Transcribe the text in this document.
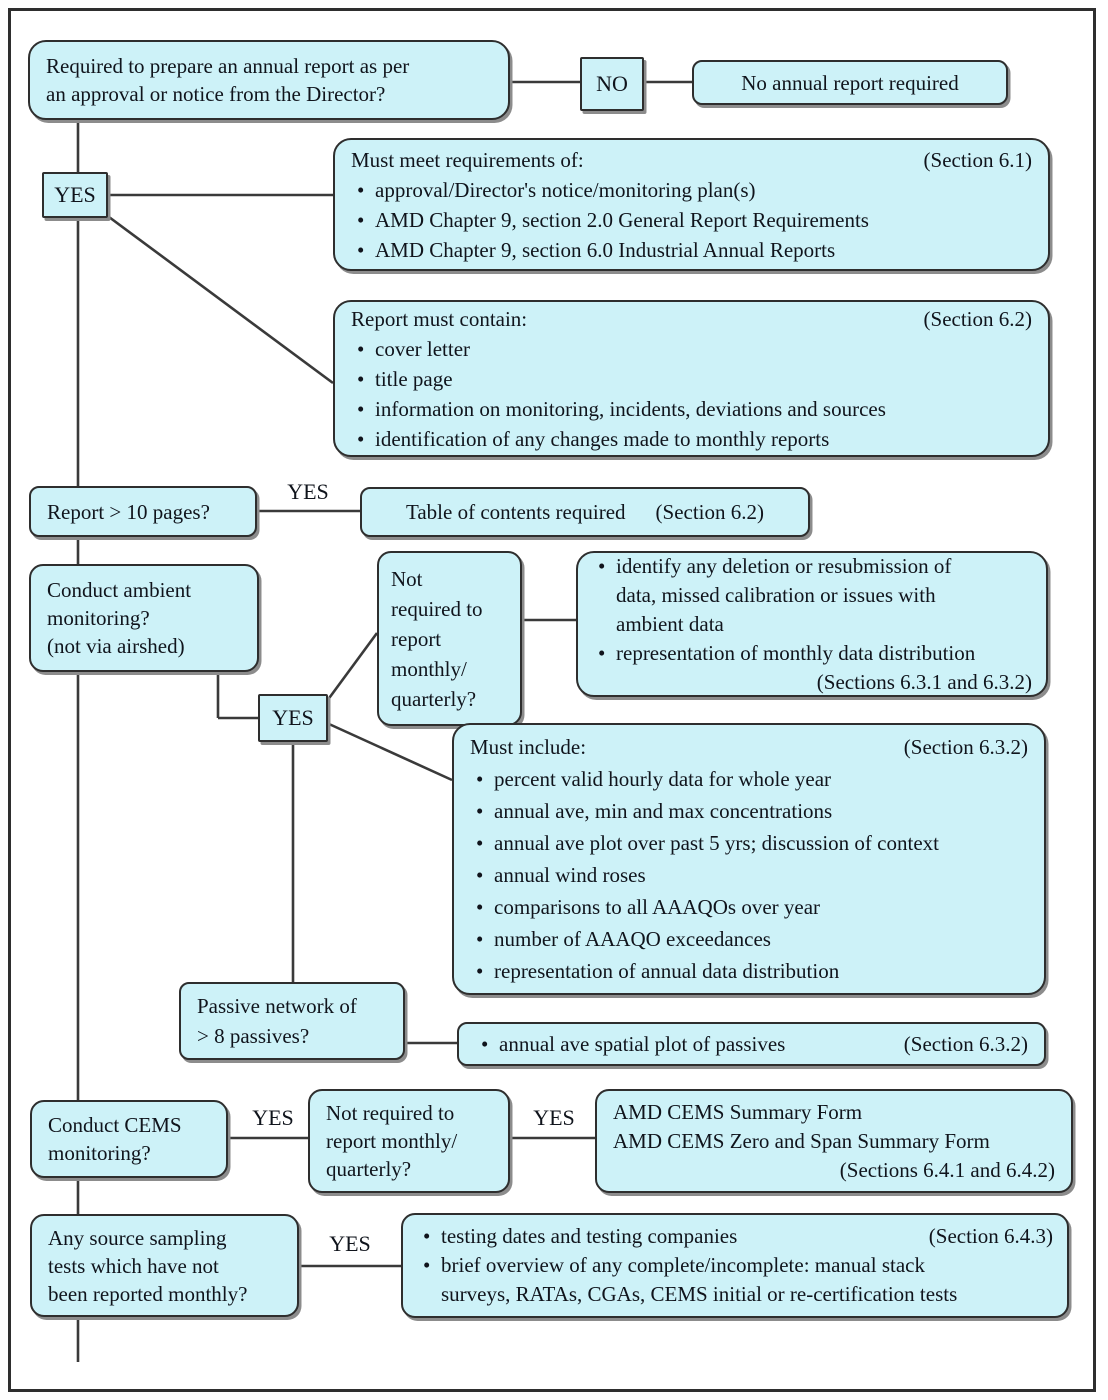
Required to prepare an annual report as per
an approval or notice from the Director?	NO	No annual report required
YES
Must meet requirements of:	(Section 6.1)
• approval/Director's notice/monitoring plan(s)
• AMD Chapter 9, section 2.0 General Report Requirements
• AMD Chapter 9, section 6.0 Industrial Annual Reports
Report must contain:	(Section 6.2)
• cover letter
• title page
• information on monitoring, incidents, deviations and sources
• identification of any changes made to monthly reports
Report > 10 pages?
YES
Table of contents required (Section 6.2)
Conduct ambient
monitoring?
(not via airshed)
YES
Not
required to
report
monthly/
quarterly?
• identify any deletion or resubmission of
data, missed calibration or issues with
ambient data
• representation of monthly data distribution
(Sections 6.3.1 and 6.3.2)
Must include:	(Section 6.3.2)
• percent valid hourly data for whole year
• annual ave, min and max concentrations
• annual ave plot over past 5 yrs; discussion of context
• annual wind roses
• comparisons to all AAAQOs over year
• number of AAAQO exceedances
• representation of annual data distribution
Passive network of
> 8 passives?	• annual ave spatial plot of passives	(Section 6.3.2)
Conduct CEMS
monitoring?
YES	Not required to
report monthly/
quarterly?
YES	AMD CEMS Summary Form
AMD CEMS Zero and Span Summary Form
(Sections 6.4.1 and 6.4.2)
Any source sampling
tests which have not
been reported monthly?
YES	• testing dates and testing companies	(Section 6.4.3)
• brief overview of any complete/incomplete: manual stack
surveys, RATAs, CGAs, CEMS initial or re-certification tests
